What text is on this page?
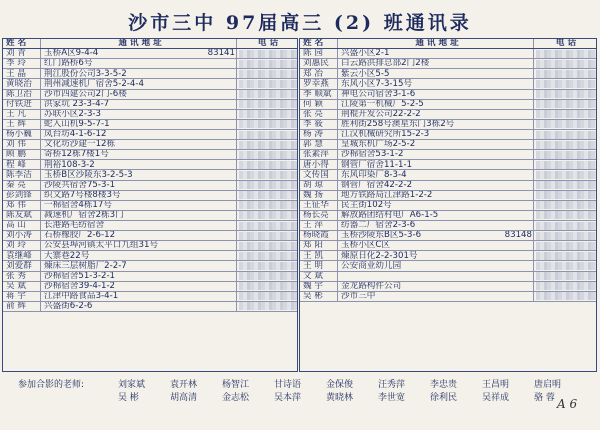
沙市三中 97届高三 (2) 班通讯录
姓 名	通 讯 地 址	电 话
刘 青	玉桥A区9-4-4	83141
李 玲	红门路桥6号
王 晶	荆江股份公司3-3-5-2
黄晓治	荆州减速机厂宿舍5-2-4-4
陈卫治	沙市四建公司2门-6楼
付铁进	洪家坑 23-3-4-7
王 凡	苏联小区2-3-3
王 辉	蛇入山机9-5-7-1
杨小巍	凤台坊4-1-6-12
刘 伟	文化坊沙建一12栋
顾 鹏	寄桥12栋7楼1号
程 峰	荆裕108-3-2
陈李洁	玉桥B区沙陵东3-2-5-3
秦 亮	沙陵共宿舍75-3-1
彭剑锋	织文路7号楼8楼3号
郑 伟	一棉宿舍4栋17号
陈友斌	减速机厂宿舍2栋3门
高 山	长港路毛纺宿舍
刘小涛	石桥橡胶厂2-6-12
刘 玲	公安县埠河镇太平口九组31号
袁继峰	大寨巷22号
刘爱群	煉床三层树脂厂2-2-7
张 秀	沙棉宿舍51-3-2-1
吴 斌	沙棉宿舍39-4-1-2
蒋 宇	江津中路食品3-4-1
俞 辉	兴盛街6-2-6
姓 名	通 讯 地 址	电 话
陈 园	兴盛小区2-1
刘惠民	白云路洪排总部2门2楼
郑 冶	紫云小区5-5
罗幸燕	东风小区7-3-15号
季 顺斌	神电公司宿舍3-1-6
何 颖	江陵第一机械厂5-2-5
张 亮	荆棍开发公司22-2-2
李 筱	胜利街258号澳星东门3栋2号
杨 涛	江汉机械研究所15-2-3
郭 慧	皇城东机广场2-5-2
张素萍	沙棉宿舍53-1-2
唐小得	钢管厂宿舍11-1-1
文传国	东风印染厂8-3-4
胡 琼	钢管厂宿舍42-2-2
魏 扬	地方铁路局江津路1-2-2
王征华	民主街102号
杨长亮	解放路团结村电厂A6-1-5
王 萍	纺器二厂宿舍2-3-6
杨晓霞	玉桥沙陵东B区5-3-6	83148
郑 阳	玉桥小区C区
王 凯	煉原日化2-2-301号
王 明	公安商业幼儿园
文 斌
魏 宇	金龙路构件公司
吴 彬	沙市三中
参加合影的老师:	刘家斌	袁开林	杨智江	甘诗语	金保俊	汪秀萍	李忠贵	王昌明	唐启明
吴 彬	胡高清	金志松	吴本萍	黄晓林	李世宽	徐利民	吴祥成	骆 蓉 A 6
